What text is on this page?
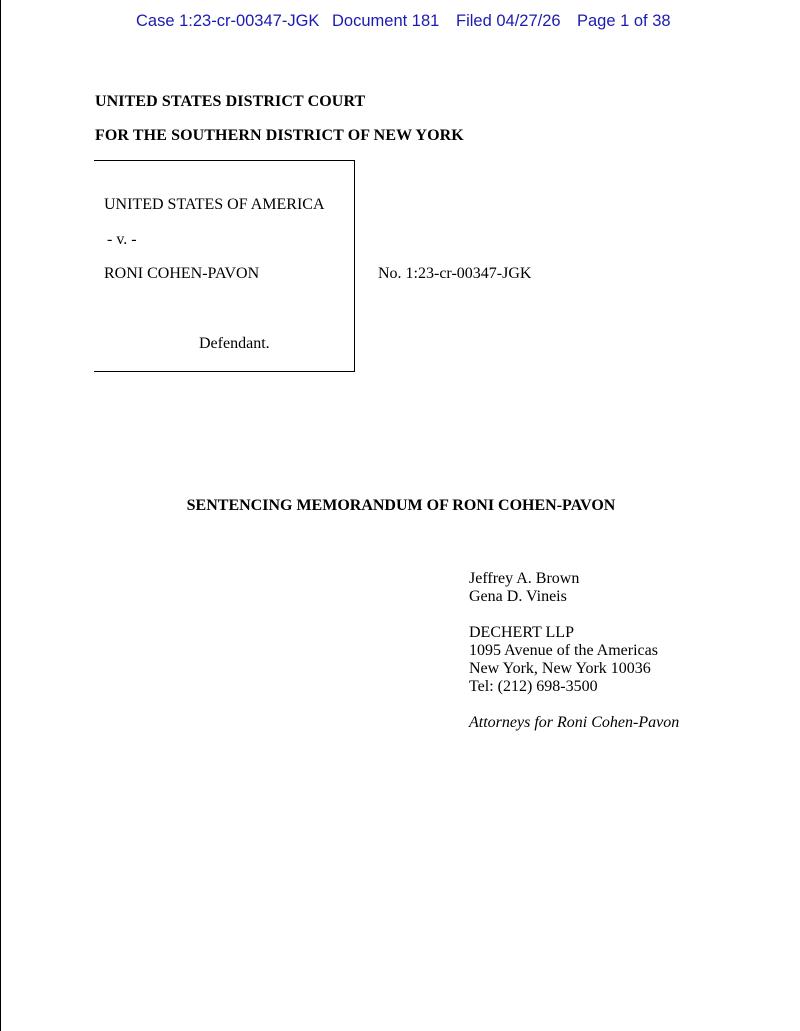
Case 1:23-cr-00347-JGK Document 181 Filed 04/27/26 Page 1 of 38
UNITED STATES DISTRICT COURT
FOR THE SOUTHERN DISTRICT OF NEW YORK
UNITED STATES OF AMERICA
- v. -
RONI COHEN-PAVON
Defendant.
No. 1:23-cr-00347-JGK
SENTENCING MEMORANDUM OF RONI COHEN-PAVON
Jeffrey A. Brown
Gena D. Vineis
DECHERT LLP
1095 Avenue of the Americas
New York, New York 10036
Tel: (212) 698-3500
Attorneys for Roni Cohen-Pavon
